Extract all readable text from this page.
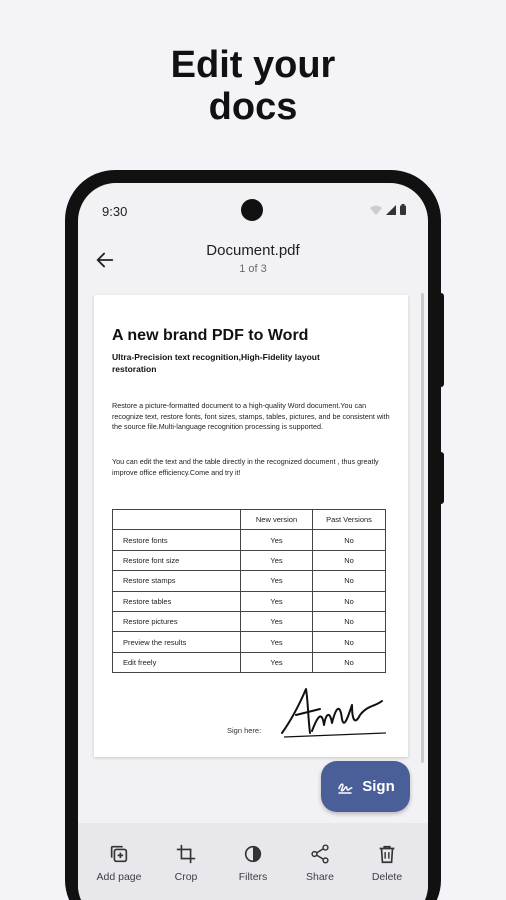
Edit your
docs
9:30
Document.pdf
1 of 3
A new brand PDF to Word
Ultra-Precision text recognition,High-Fidelity layout restoration
Restore a picture-formatted document to a high-quality Word document.You can recognize text, restore fonts, font sizes, stamps, tables, pictures, and be consistent with the source file.Multi-language recognition processing is supported.
You can edit the text and the table directly in the recognized document , thus greatly improve office efficiency.Come and try it!
	New version	Past Versions
Restore fonts	Yes	No
Restore font size	Yes	No
Restore stamps	Yes	No
Restore tables	Yes	No
Restore pictures	Yes	No
Preview the results	Yes	No
Edit freely	Yes	No
Sign here:
Sign
Add page	Crop	Filters	Share	Delete
